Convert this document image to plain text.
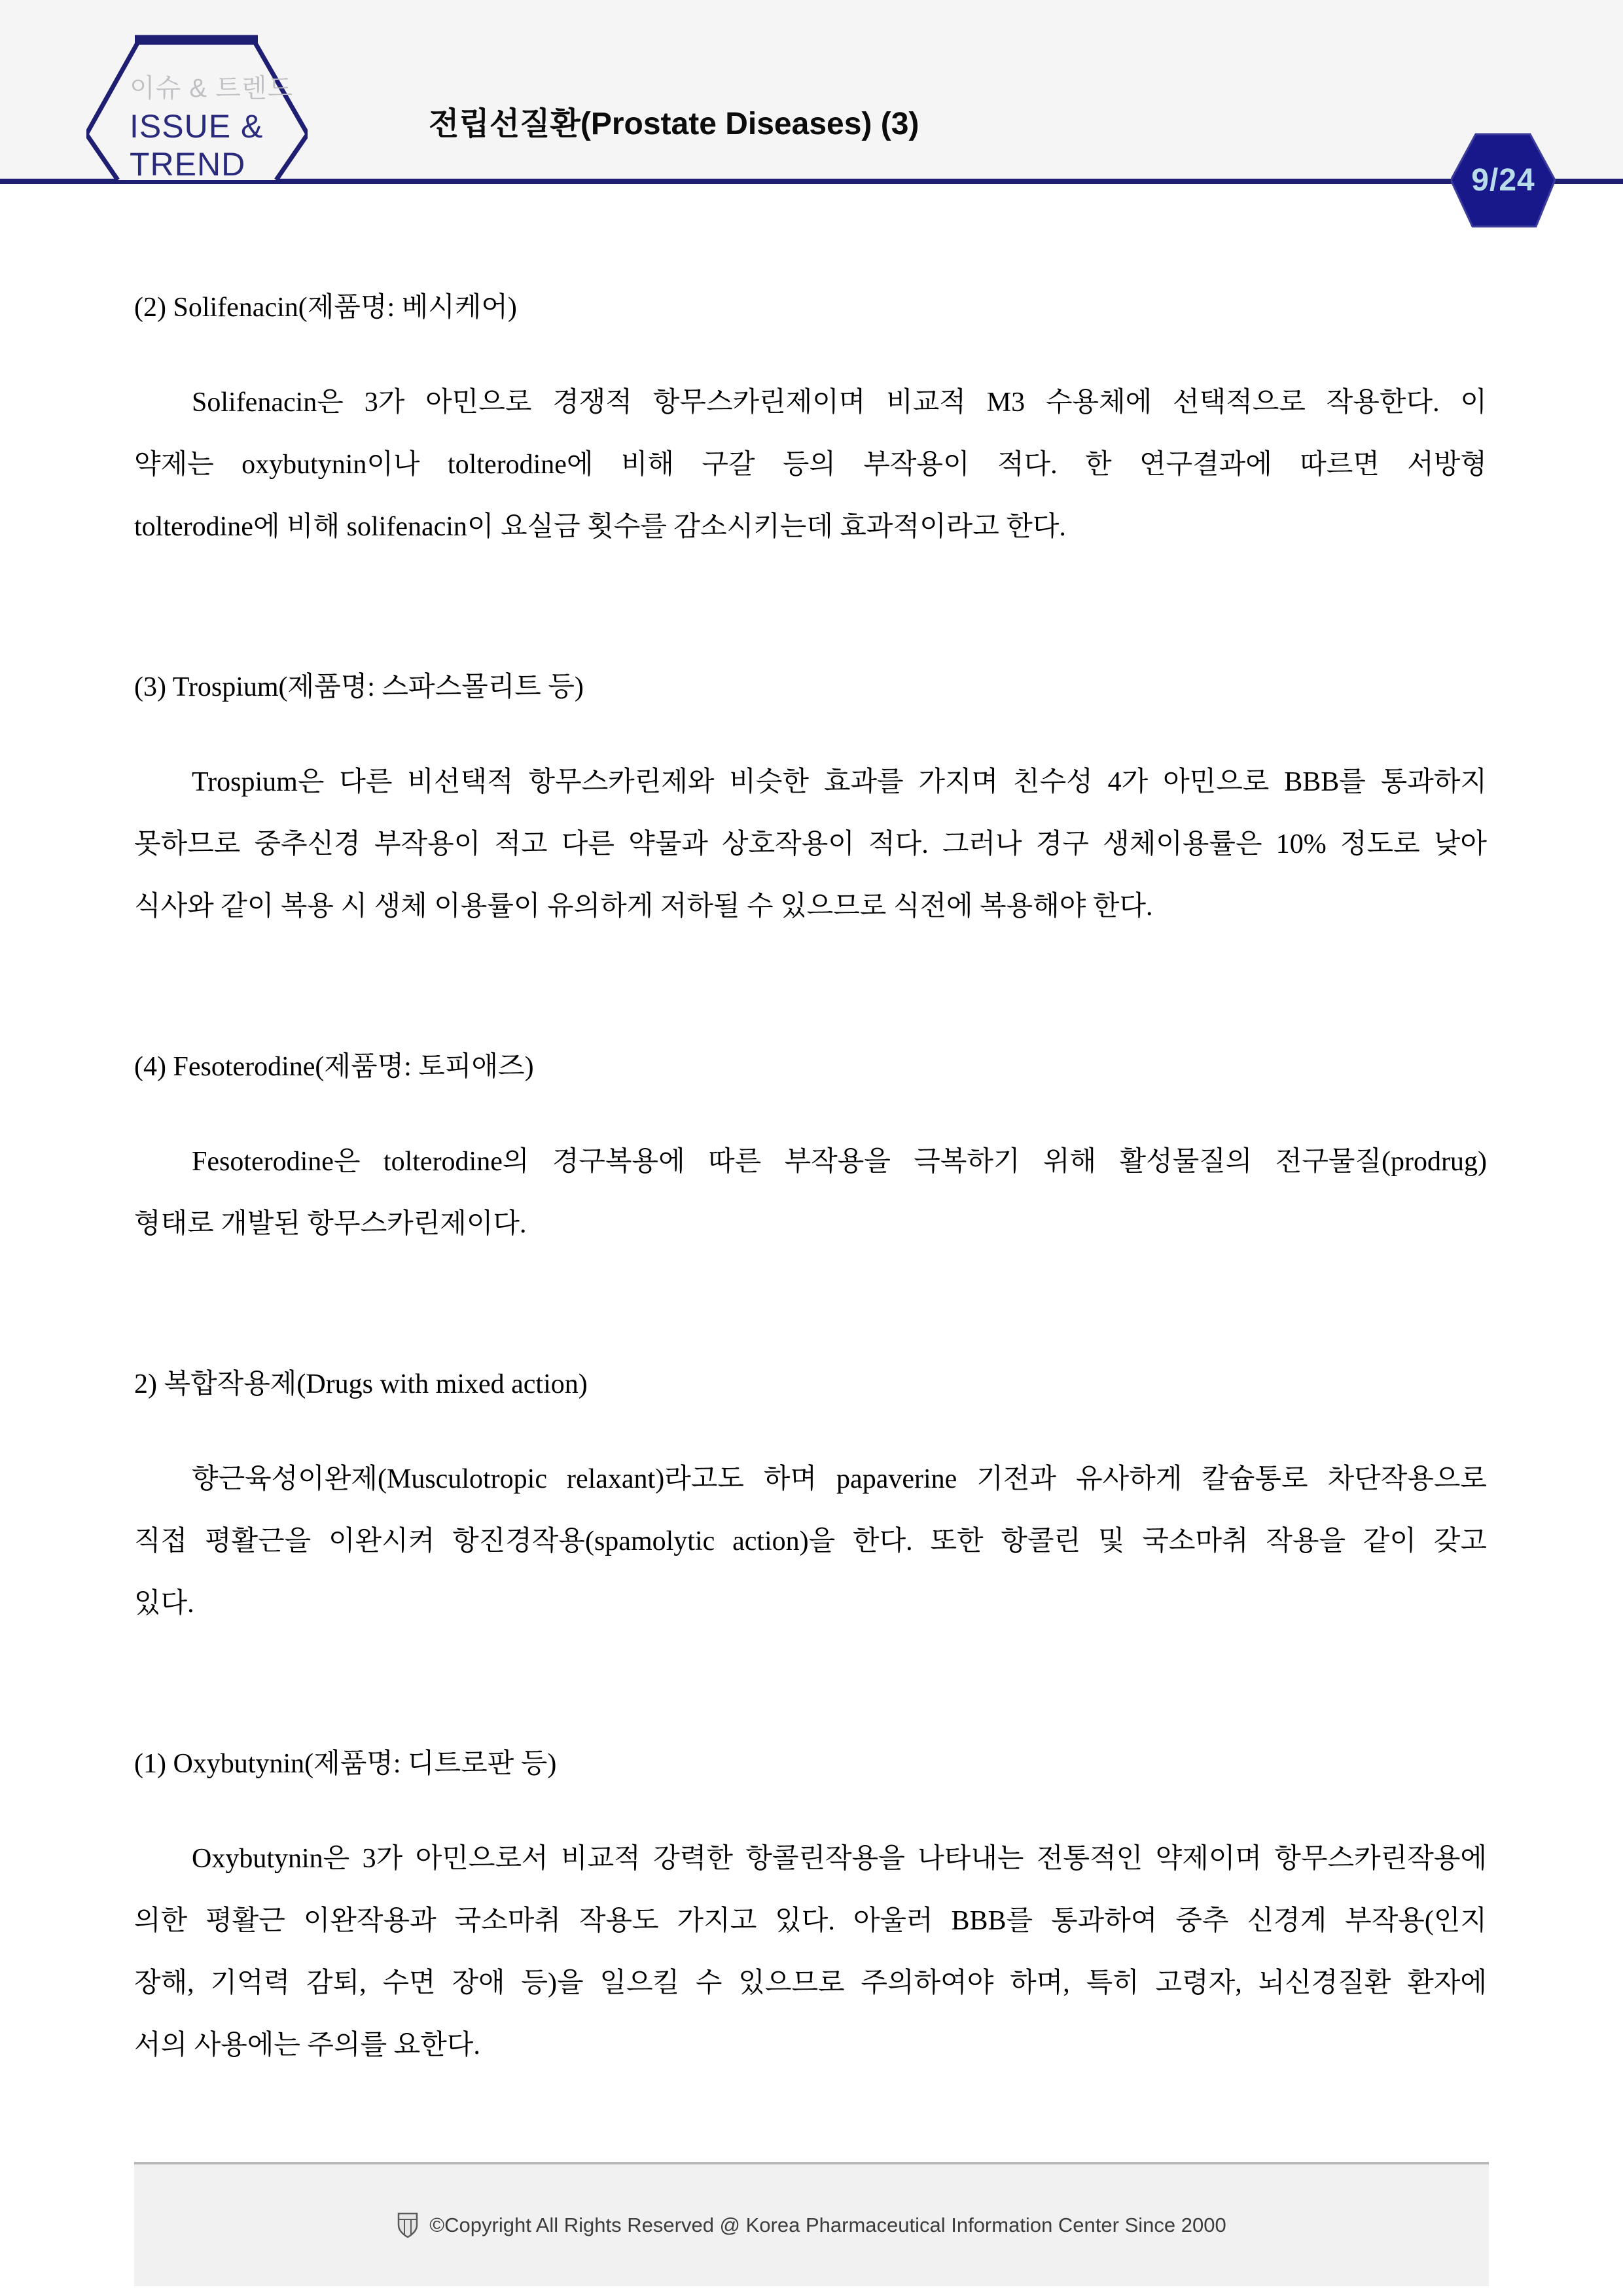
이슈 & 트렌드
ISSUE &
TREND
전립선질환(Prostate Diseases) (3)
9/24
(2) Solifenacin(제품명: 베시케어)
Solifenacin은 3가 아민으로 경쟁적 항무스카린제이며 비교적 M3 수용체에 선택적으로 작용한다. 이
약제는 oxybutynin이나 tolterodine에 비해 구갈 등의 부작용이 적다. 한 연구결과에 따르면 서방형
tolterodine에 비해 solifenacin이 요실금 횟수를 감소시키는데 효과적이라고 한다.
(3) Trospium(제품명: 스파스몰리트 등)
Trospium은 다른 비선택적 항무스카린제와 비슷한 효과를 가지며 친수성 4가 아민으로 BBB를 통과하지
못하므로 중추신경 부작용이 적고 다른 약물과 상호작용이 적다. 그러나 경구 생체이용률은 10% 정도로 낮아
식사와 같이 복용 시 생체 이용률이 유의하게 저하될 수 있으므로 식전에 복용해야 한다.
(4) Fesoterodine(제품명: 토피애즈)
Fesoterodine은 tolterodine의 경구복용에 따른 부작용을 극복하기 위해 활성물질의 전구물질(prodrug)
형태로 개발된 항무스카린제이다.
2) 복합작용제(Drugs with mixed action)
향근육성이완제(Musculotropic relaxant)라고도 하며 papaverine 기전과 유사하게 칼슘통로 차단작용으로
직접 평활근을 이완시켜 항진경작용(spamolytic action)을 한다. 또한 항콜린 및 국소마취 작용을 같이 갖고
있다.
(1) Oxybutynin(제품명: 디트로판 등)
Oxybutynin은 3가 아민으로서 비교적 강력한 항콜린작용을 나타내는 전통적인 약제이며 항무스카린작용에
의한 평활근 이완작용과 국소마취 작용도 가지고 있다. 아울러 BBB를 통과하여 중추 신경계 부작용(인지
장해, 기억력 감퇴, 수면 장애 등)을 일으킬 수 있으므로 주의하여야 하며, 특히 고령자, 뇌신경질환 환자에
서의 사용에는 주의를 요한다.
©Copyright All Rights Reserved @ Korea Pharmaceutical Information Center Since 2000
